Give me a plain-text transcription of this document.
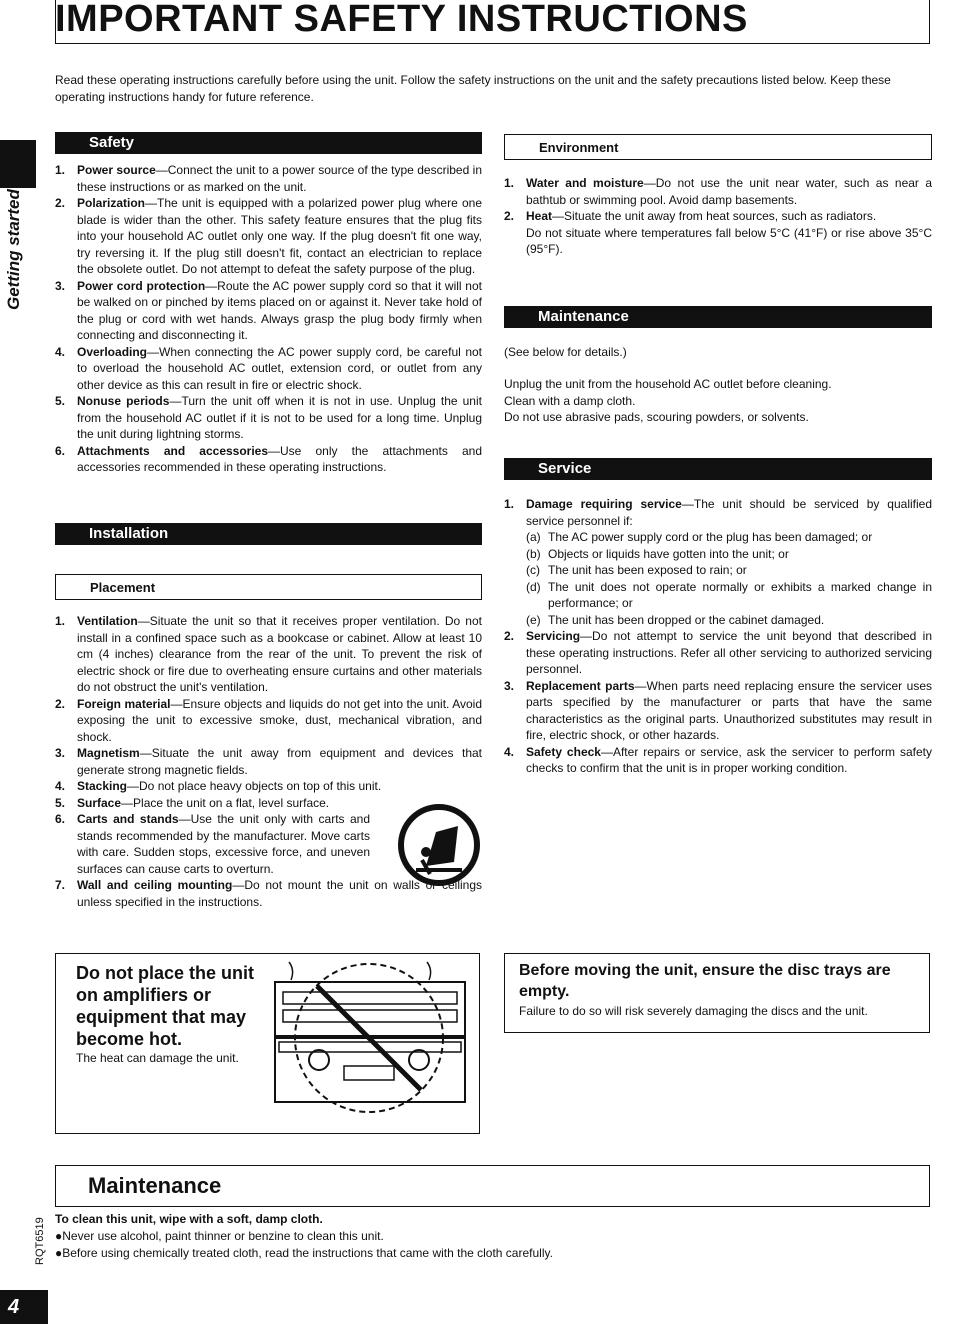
IMPORTANT SAFETY INSTRUCTIONS
Read these operating instructions carefully before using the unit. Follow the safety instructions on the unit and the safety precautions listed below. Keep these operating instructions handy for future reference.
Getting started
Safety
1. Power source—Connect the unit to a power source of the type described in these instructions or as marked on the unit.
2. Polarization—The unit is equipped with a polarized power plug where one blade is wider than the other. This safety feature ensures that the plug fits into your household AC outlet only one way. If the plug doesn't fit one way, try reversing it. If the plug still doesn't fit, contact an electrician to replace the obsolete outlet. Do not attempt to defeat the safety purpose of the plug.
3. Power cord protection—Route the AC power supply cord so that it will not be walked on or pinched by items placed on or against it. Never take hold of the plug or cord with wet hands. Always grasp the plug body firmly when connecting and disconnecting it.
4. Overloading—When connecting the AC power supply cord, be careful not to overload the household AC outlet, extension cord, or outlet from any other device as this can result in fire or electric shock.
5. Nonuse periods—Turn the unit off when it is not in use. Unplug the unit from the household AC outlet if it is not to be used for a long time. Unplug the unit during lightning storms.
6. Attachments and accessories—Use only the attachments and accessories recommended in these operating instructions.
Installation
Placement
1. Ventilation—Situate the unit so that it receives proper ventilation. Do not install in a confined space such as a bookcase or cabinet. Allow at least 10 cm (4 inches) clearance from the rear of the unit. To prevent the risk of electric shock or fire due to overheating ensure curtains and other materials do not obstruct the unit's ventilation.
2. Foreign material—Ensure objects and liquids do not get into the unit. Avoid exposing the unit to excessive smoke, dust, mechanical vibration, and shock.
3. Magnetism—Situate the unit away from equipment and devices that generate strong magnetic fields.
4. Stacking—Do not place heavy objects on top of this unit.
5. Surface—Place the unit on a flat, level surface.
6. Carts and stands—Use the unit only with carts and stands recommended by the manufacturer. Move carts with care. Sudden stops, excessive force, and uneven surfaces can cause carts to overturn.
7. Wall and ceiling mounting—Do not mount the unit on walls or ceilings unless specified in the instructions.
Environment
1. Water and moisture—Do not use the unit near water, such as near a bathtub or swimming pool. Avoid damp basements.
2. Heat—Situate the unit away from heat sources, such as radiators.
Do not situate where temperatures fall below 5°C (41°F) or rise above 35°C (95°F).
Maintenance
(See below for details.)
Unplug the unit from the household AC outlet before cleaning.
Clean with a damp cloth.
Do not use abrasive pads, scouring powders, or solvents.
Service
1. Damage requiring service—The unit should be serviced by qualified service personnel if:
(a) The AC power supply cord or the plug has been damaged; or
(b) Objects or liquids have gotten into the unit; or
(c) The unit has been exposed to rain; or
(d) The unit does not operate normally or exhibits a marked change in performance; or
(e) The unit has been dropped or the cabinet damaged.
2. Servicing—Do not attempt to service the unit beyond that described in these operating instructions. Refer all other servicing to authorized servicing personnel.
3. Replacement parts—When parts need replacing ensure the servicer uses parts specified by the manufacturer or parts that have the same characteristics as the original parts. Unauthorized substitutes may result in fire, electric shock, or other hazards.
4. Safety check—After repairs or service, ask the servicer to perform safety checks to confirm that the unit is in proper working condition.
Do not place the unit on amplifiers or equipment that may become hot.
The heat can damage the unit.
Before moving the unit, ensure the disc trays are empty.
Failure to do so will risk severely damaging the discs and the unit.
Maintenance
To clean this unit, wipe with a soft, damp cloth.
●Never use alcohol, paint thinner or benzine to clean this unit.
●Before using chemically treated cloth, read the instructions that came with the cloth carefully.
RQT6519
4
